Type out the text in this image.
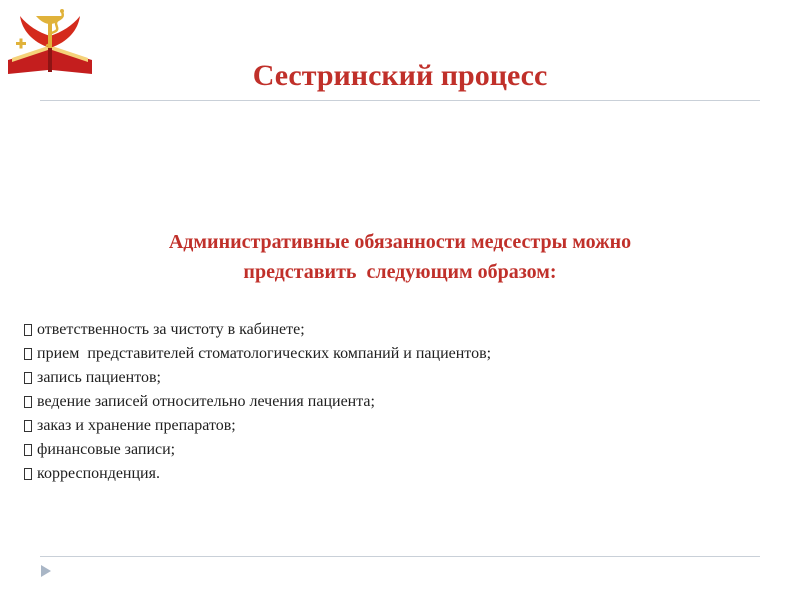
Сестринский процесс
Административные обязанности медсестры можно
представить  следующим образом:
ответственность за чистоту в кабинете;
прием  представителей стоматологических компаний и пациентов;
запись пациентов;
ведение записей относительно лечения пациента;
заказ и хранение препаратов;
финансовые записи;
корреспонденция.
